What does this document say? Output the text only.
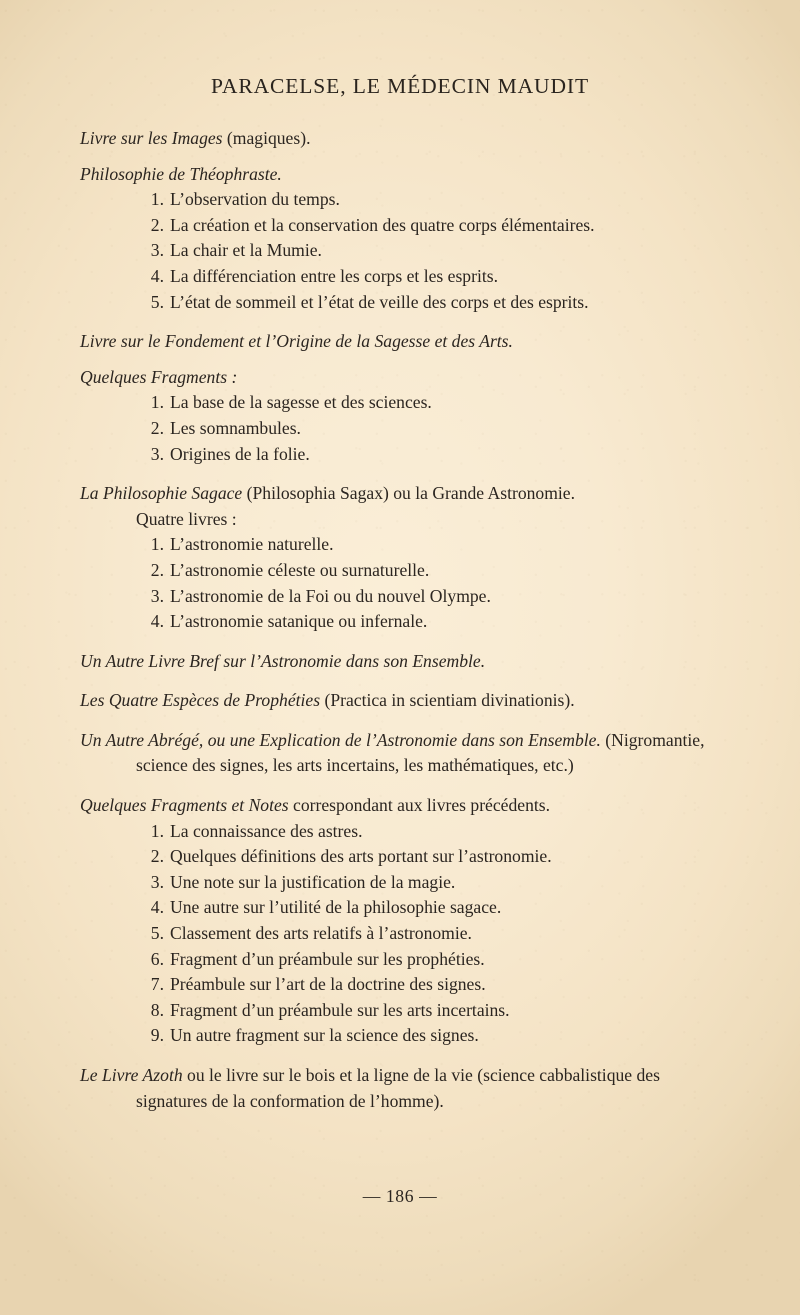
PARACELSE, LE MÉDECIN MAUDIT

Livre sur les Images (magiques).

Philosophie de Théophraste.

1. L’observation du temps.
2. La création et la conservation des quatre corps élémentaires.
3. La chair et la Mumie.
4. La différenciation entre les corps et les esprits.
5. L’état de sommeil et l’état de veille des corps et des esprits.

Livre sur le Fondement et l’Origine de la Sagesse et des Arts.

Quelques Fragments :

1. La base de la sagesse et des sciences.
2. Les somnambules.
3. Origines de la folie.

La Philosophie Sagace (Philosophia Sagax) ou la Grande Astronomie.

Quatre livres :

1. L’astronomie naturelle.
2. L’astronomie céleste ou surnaturelle.
3. L’astronomie de la Foi ou du nouvel Olympe.
4. L’astronomie satanique ou infernale.

Un Autre Livre Bref sur l’Astronomie dans son Ensemble.

Les Quatre Espèces de Prophéties (Practica in scientiam divinationis).

Un Autre Abrégé, ou une Explication de l’Astronomie dans son Ensemble. (Nigromantie, science des signes, les arts incertains, les mathématiques, etc.)

Quelques Fragments et Notes correspondant aux livres précédents.

1. La connaissance des astres.
2. Quelques définitions des arts portant sur l’astronomie.
3. Une note sur la justification de la magie.
4. Une autre sur l’utilité de la philosophie sagace.
5. Classement des arts relatifs à l’astronomie.
6. Fragment d’un préambule sur les prophéties.
7. Préambule sur l’art de la doctrine des signes.
8. Fragment d’un préambule sur les arts incertains.
9. Un autre fragment sur la science des signes.

Le Livre Azoth ou le livre sur le bois et la ligne de la vie (science cabbalistique des signatures de la conformation de l’homme).

— 186 —
